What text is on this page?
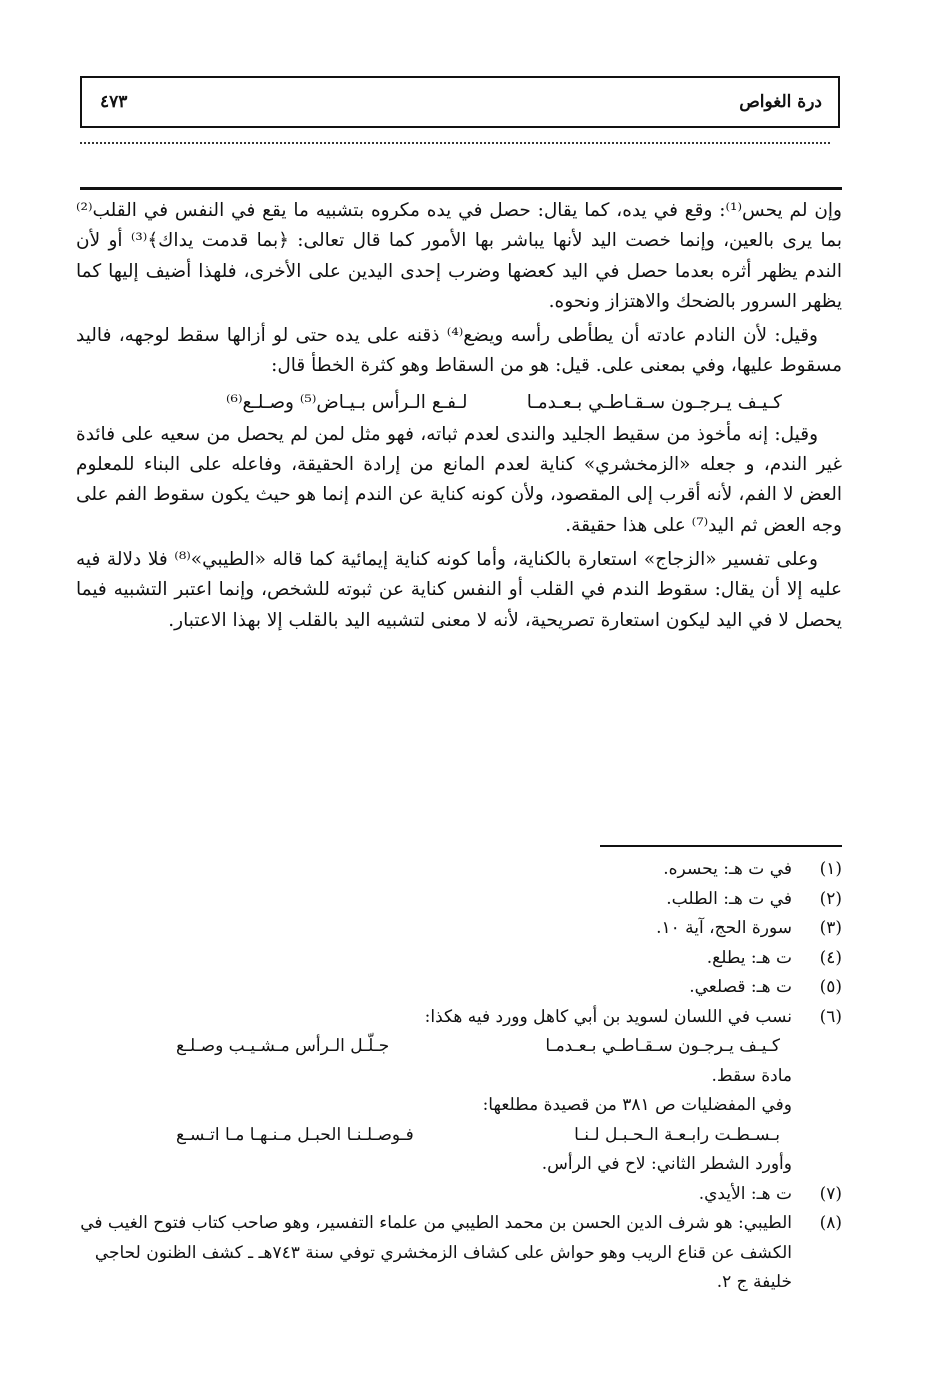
درة الغواص
٤٧٣

وإن لم يحس⁽¹⁾: وقع في يده، كما يقال: حصل في يده مكروه بتشبيه ما يقع في النفس في القلب⁽²⁾ بما يرى بالعين، وإنما خصت اليد لأنها يباشر بها الأمور كما قال تعالى: ﴿بما قدمت يداك﴾⁽³⁾ أو لأن الندم يظهر أثره بعدما حصل في اليد كعضها وضرب إحدى اليدين على الأخرى، فلهذا أضيف إليها كما يظهر السرور بالضحك والاهتزاز ونحوه.

وقيل: لأن النادم عادته أن يطأطى رأسه ويضع⁽⁴⁾ ذقنه على يده حتى لو أزالها سقط لوجهه، فاليد مسقوط عليها، وفي بمعنى على. قيل: هو من السقاط وهو كثرة الخطأ قال:

كـيـف يـرجـون سـقـاطـي بـعـدمـا
لـفـع الـرأس بـيـاض⁽⁵⁾ وصـلـع⁽⁶⁾

وقيل: إنه مأخوذ من سقيط الجليد والندى لعدم ثباته، فهو مثل لمن لم يحصل من سعيه على فائدة غير الندم، و جعله «الزمخشري» كناية لعدم المانع من إرادة الحقيقة، وفاعله على البناء للمعلوم العض لا الفم، لأنه أقرب إلى المقصود، ولأن كونه كناية عن الندم إنما هو حيث يكون سقوط الفم على وجه العض ثم اليد⁽⁷⁾ على هذا حقيقة.

وعلى تفسير «الزجاج» استعارة بالكناية، وأما كونه كناية إيمائية كما قاله «الطيبي»⁽⁸⁾ فلا دلالة فيه عليه إلا أن يقال: سقوط الندم في القلب أو النفس كناية عن ثبوته للشخص، وإنما اعتبر التشبيه فيما يحصل لا في اليد ليكون استعارة تصريحية، لأنه لا معنى لتشبيه اليد بالقلب إلا بهذا الاعتبار.

(١)
في ت هـ: يحسره.
(٢)
في ت هـ: الطلب.
(٣)
سورة الحج، آية ١٠.
(٤)
ت هـ: يطلع.
(٥)
ت هـ: قصلعي.
(٦)
نسب في اللسان لسويد بن أبي كاهل وورد فيه هكذا:
كـيـف يـرجـون سـقـاطـي بـعـدمـا
جـلّـل الـرأس مـشـيـب وصـلـع
مادة سقط.
وفي المفضليات ص ٣٨١ من قصيدة مطلعها:
بـسـطـت رابـعـة الـحـبـل لـنـا
فـوصـلـنـا الحبـل مـنـهـا مـا اتـسـع
وأورد الشطر الثاني: لاح في الرأس.
(٧)
ت هـ: الأيدي.
(٨)
الطيبي: هو شرف الدين الحسن بن محمد الطيبي من علماء التفسير، وهو صاحب كتاب فتوح الغيب في الكشف عن قناع الريب وهو حواش على كشاف الزمخشري توفي سنة ٧٤٣هـ ـ كشف الظنون لحاجي خليفة ج ٢.
